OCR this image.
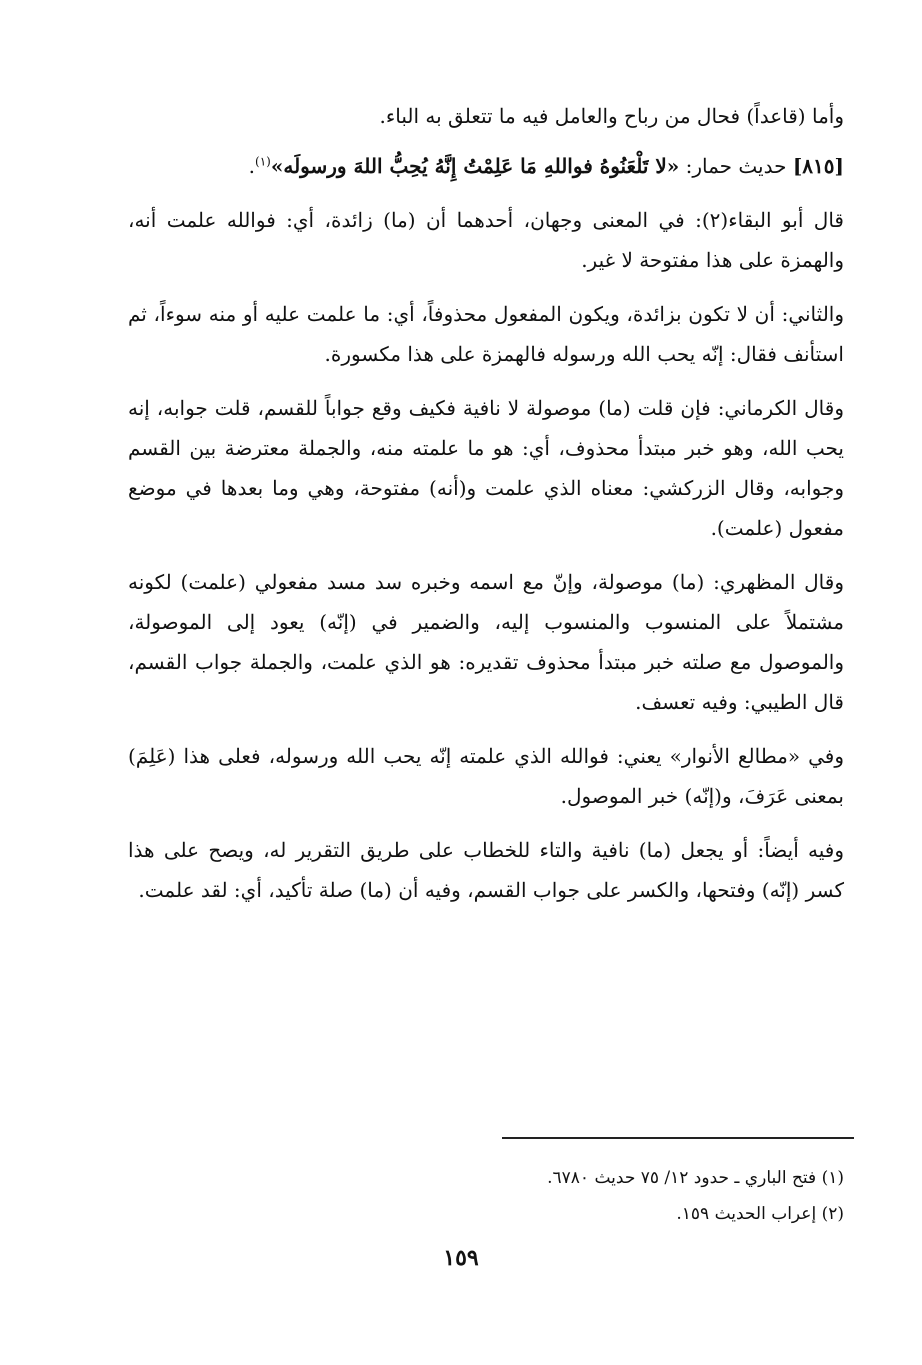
وأما (قاعداً) فحال من رباح والعامل فيه ما تتعلق به الباء.

[٨١٥] حديث حمار: «لا تَلْعَنُوهُ فواللهِ مَا عَلِمْتُ إِنَّهُ يُحِبُّ اللهَ ورسولَه»$^{(١)}$.

قال أبو البقاء(٢): في المعنى وجهان، أحدهما أن (ما) زائدة، أي: فوالله علمت أنه، والهمزة على هذا مفتوحة لا غير.

والثاني: أن لا تكون بزائدة، ويكون المفعول محذوفاً، أي: ما علمت عليه أو منه سوءاً، ثم استأنف فقال: إنّه يحب الله ورسوله فالهمزة على هذا مكسورة.

وقال الكرماني: فإن قلت (ما) موصولة لا نافية فكيف وقع جواباً للقسم، قلت جوابه، إنه يحب الله، وهو خبر مبتدأ محذوف، أي: هو ما علمته منه، والجملة معترضة بين القسم وجوابه، وقال الزركشي: معناه الذي علمت و(أنه) مفتوحة، وهي وما بعدها في موضع مفعول (علمت).

وقال المظهري: (ما) موصولة، وإنّ مع اسمه وخبره سد مسد مفعولي (علمت) لكونه مشتملاً على المنسوب والمنسوب إليه، والضمير في (إنّه) يعود إلى الموصولة، والموصول مع صلته خبر مبتدأ محذوف تقديره: هو الذي علمت، والجملة جواب القسم، قال الطيبي: وفيه تعسف.

وفي «مطالع الأنوار» يعني: فوالله الذي علمته إنّه يحب الله ورسوله، فعلى هذا (عَلِمَ) بمعنى عَرَفَ، و(إنّه) خبر الموصول.

وفيه أيضاً: أو يجعل (ما) نافية والتاء للخطاب على طريق التقرير له، ويصح على هذا كسر (إنّه) وفتحها، والكسر على جواب القسم، وفيه أن (ما) صلة تأكيد، أي: لقد علمت.

(١) فتح الباري ـ حدود ١٢/ ٧٥ حديث ٦٧٨٠.

(٢) إعراب الحديث ١٥٩.

١٥٩
